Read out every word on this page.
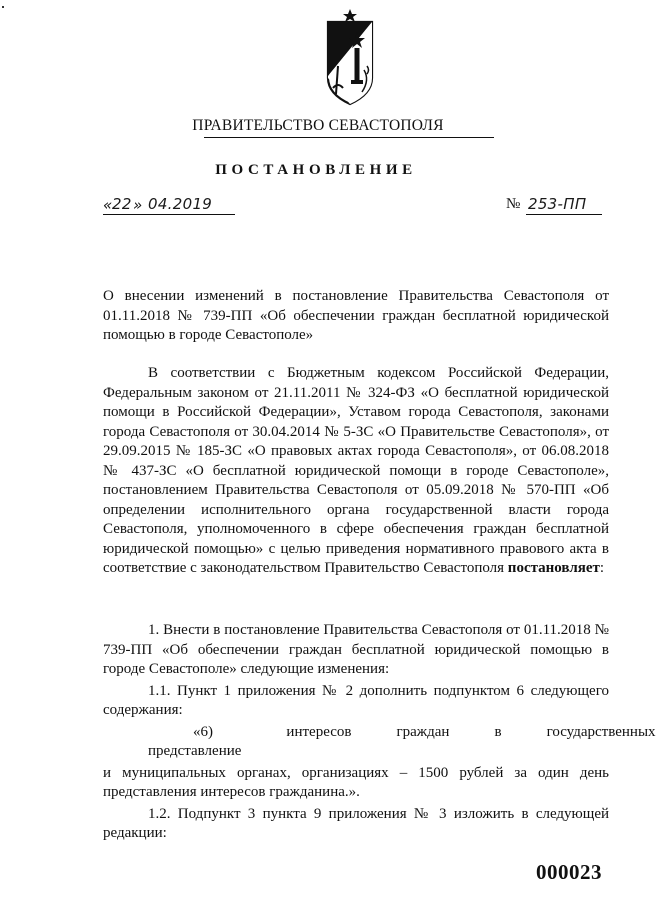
ПРАВИТЕЛЬСТВО СЕВАСТОПОЛЯ
ПОСТАНОВЛЕНИЕ
« 22 » 04.2019	№ 253-ПП

О внесении изменений в постановление Правительства Севастополя от 01.11.2018 № 739-ПП «Об обеспечении граждан бесплатной юридической помощью в городе Севастополе»

В соответствии с Бюджетным кодексом Российской Федерации, Федеральным законом от 21.11.2011 № 324-ФЗ «О бесплатной юридической помощи в Российской Федерации», Уставом города Севастополя, законами города Севастополя от 30.04.2014 № 5-ЗС «О Правительстве Севастополя», от 29.09.2015 № 185-ЗС «О правовых актах города Севастополя», от 06.08.2018 № 437-ЗС «О бесплатной юридической помощи в городе Севастополе», постановлением Правительства Севастополя от 05.09.2018 № 570-ПП «Об определении исполнительного органа государственной власти города Севастополя, уполномоченного в сфере обеспечения граждан бесплатной юридической помощью» с целью приведения нормативного правового акта в соответствие с законодательством Правительство Севастополя постановляет:

1. Внести в постановление Правительства Севастополя от 01.11.2018 № 739-ПП «Об обеспечении граждан бесплатной юридической помощью в городе Севастополе» следующие изменения:

1.1. Пункт 1 приложения № 2 дополнить подпунктом 6 следующего содержания:

«6) представление
интересов	граждан	в	государственных

и муниципальных органах, организациях – 1500 рублей за один день представления интересов гражданина.».

1.2. Подпункт 3 пункта 9 приложения № 3 изложить в следующей редакции:

000023
